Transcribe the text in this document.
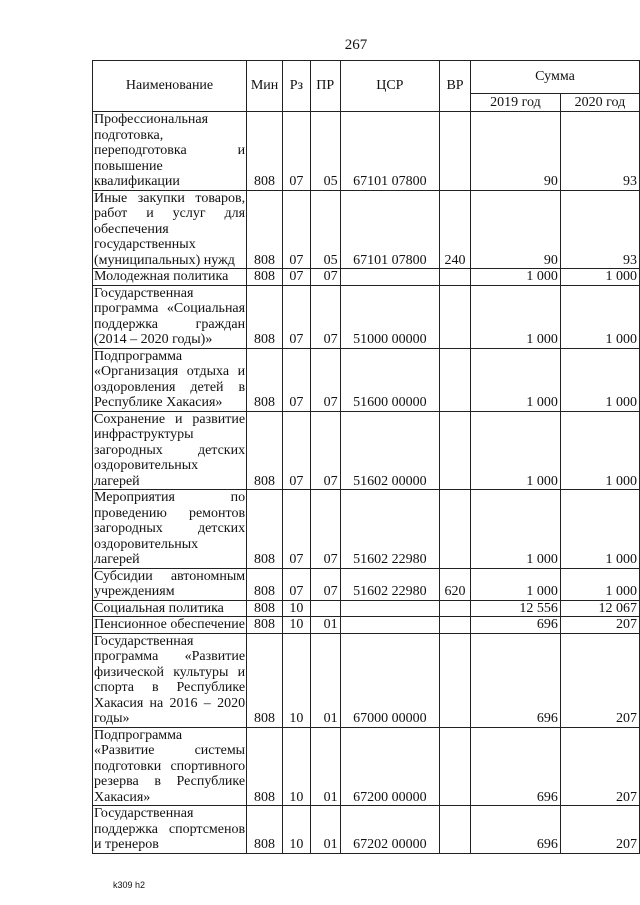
267
Наименование	Мин	Рз	ПР	ЦСР	ВР	Сумма	
						2019 год	2020 год
Профессиональная подготовка, переподготовка и повышение квалификации	808	07	05	67101 07800		90	93
Иные закупки товаров, работ и услуг для обеспечения государственных (муниципальных) нужд	808	07	05	67101 07800	240	90	93
Молодежная политика	808	07	07			1 000	1 000
Государственная программа «Социальная поддержка граждан (2014 – 2020 годы)»	808	07	07	51000 00000		1 000	1 000
Подпрограмма «Организация отдыха и оздоровления детей в Республике Хакасия»	808	07	07	51600 00000		1 000	1 000
Сохранение и развитие инфраструктуры загородных детских оздоровительных лагерей	808	07	07	51602 00000		1 000	1 000
Мероприятия по проведению ремонтов загородных детских оздоровительных лагерей	808	07	07	51602 22980		1 000	1 000
Субсидии автономным учреждениям	808	07	07	51602 22980	620	1 000	1 000
Социальная политика	808	10				12 556	12 067
Пенсионное обеспечение	808	10	01			696	207
Государственная программа «Развитие физической культуры и спорта в Республике Хакасия на 2016 – 2020 годы»	808	10	01	67000 00000		696	207
Подпрограмма «Развитие системы подготовки спортивного резерва в Республике Хакасия»	808	10	01	67200 00000		696	207
Государственная поддержка спортсменов и тренеров	808	10	01	67202 00000		696	207
k309 h2
